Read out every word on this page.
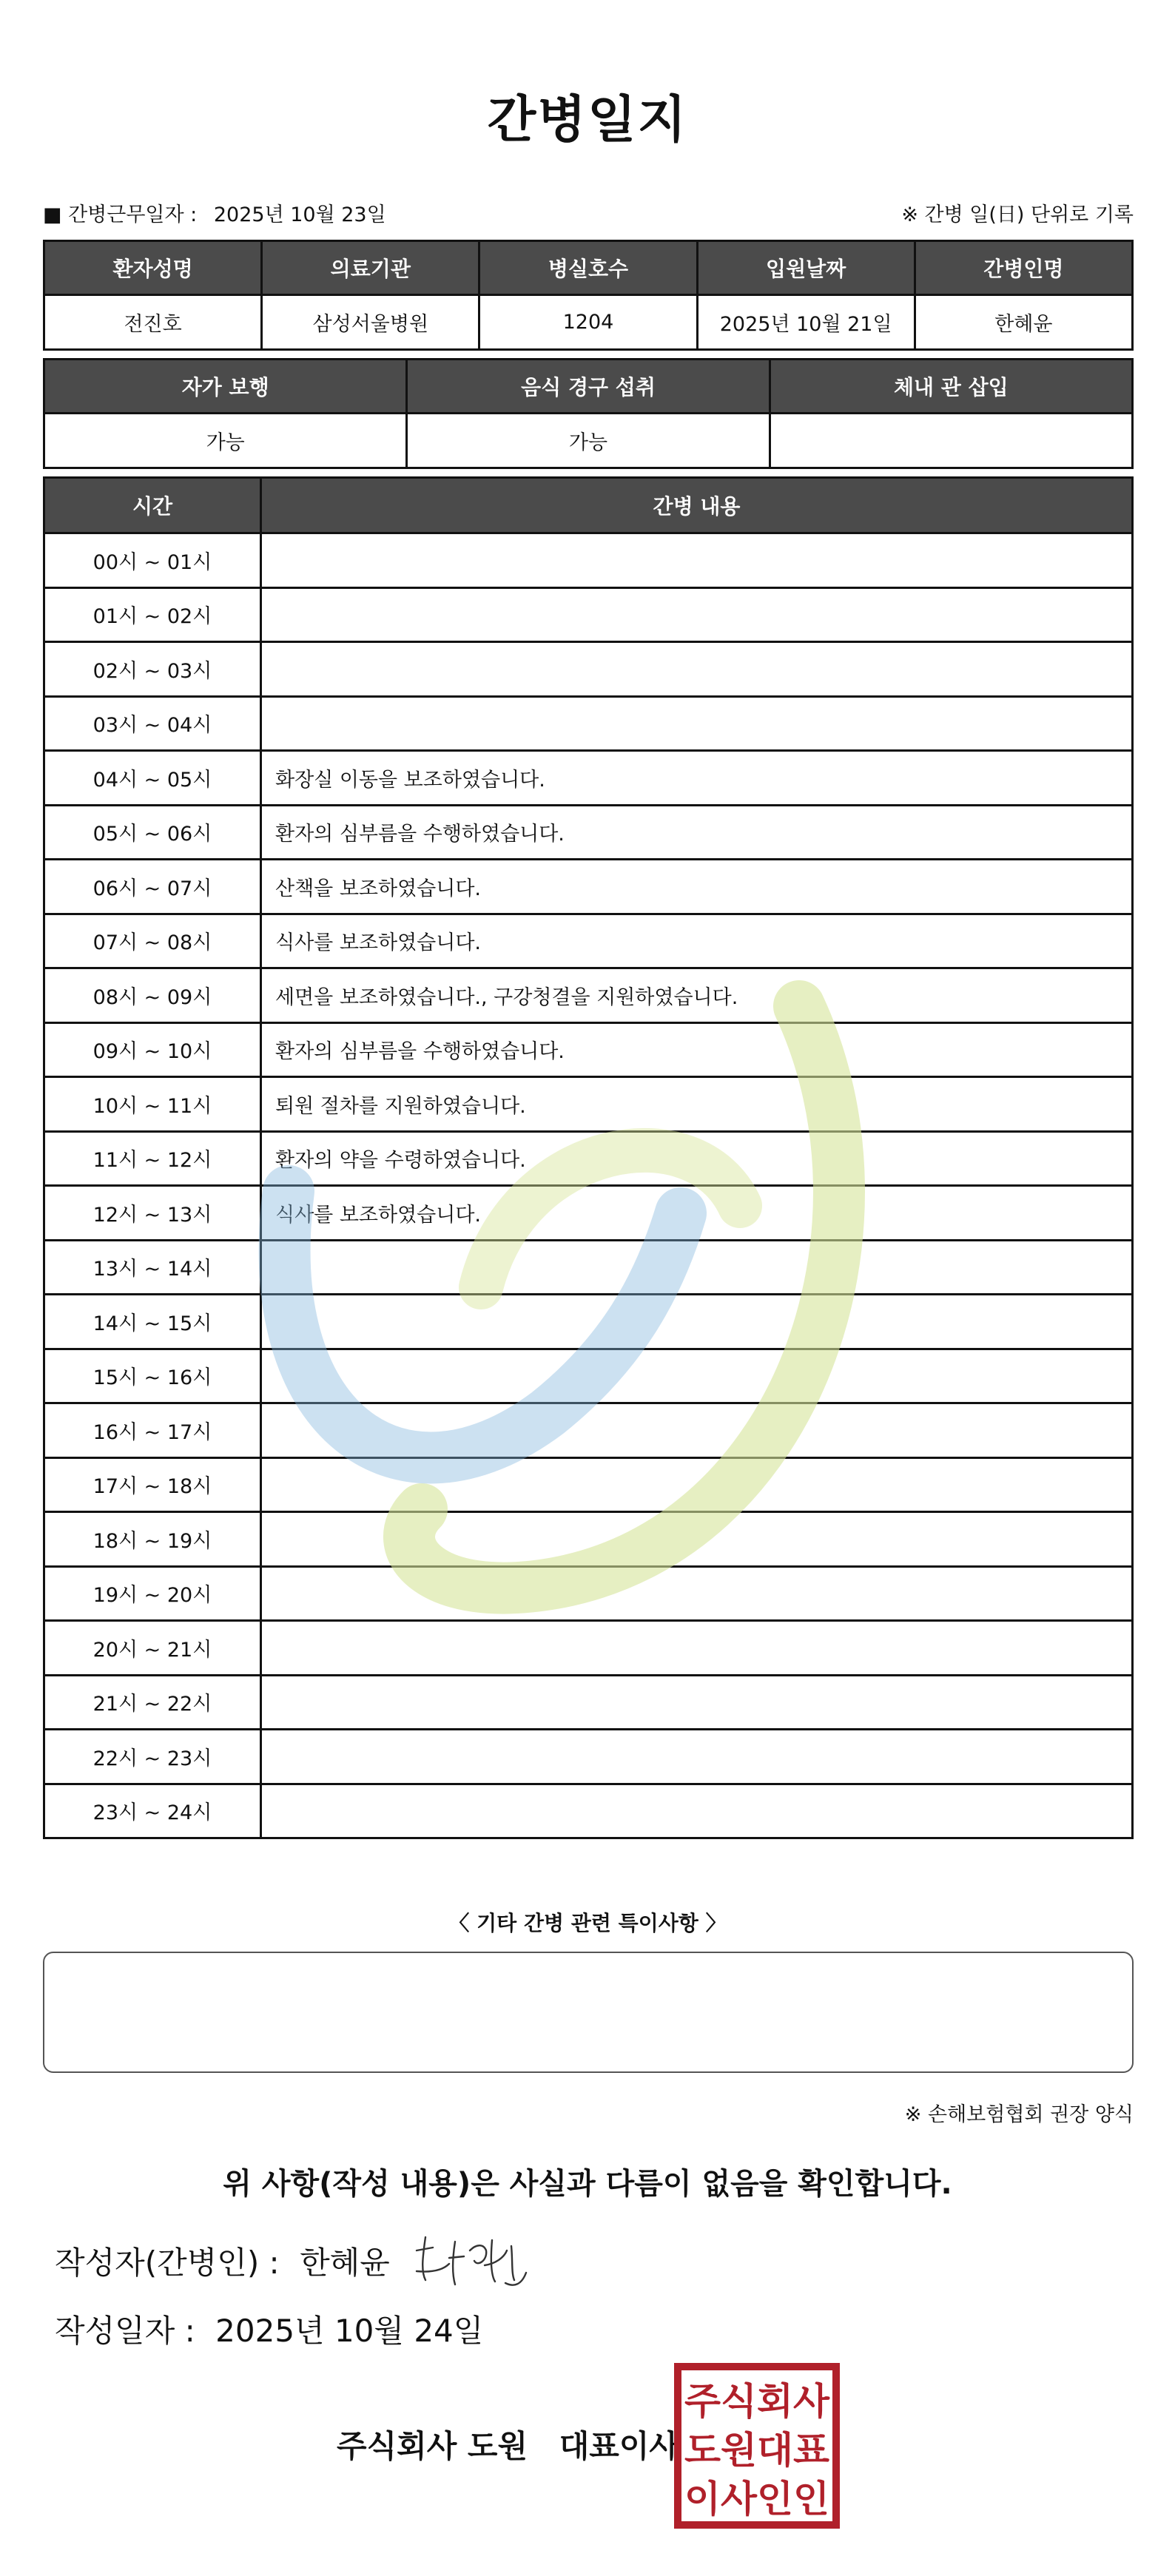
간병일지
■ 간병근무일자 : 2025년 10월 23일	※ 간병 일(日) 단위로 기록
환자성명	의료기관	병실호수	입원날짜	간병인명
전진호	삼성서울병원	1204	2025년 10월 21일	한혜윤
자가 보행	음식 경구 섭취	체내 관 삽입
가능	가능	
시간	간병 내용
00시 ~ 01시	
01시 ~ 02시	
02시 ~ 03시	
03시 ~ 04시	
04시 ~ 05시	화장실 이동을 보조하였습니다.
05시 ~ 06시	환자의 심부름을 수행하였습니다.
06시 ~ 07시	산책을 보조하였습니다.
07시 ~ 08시	식사를 보조하였습니다.
08시 ~ 09시	세면을 보조하였습니다., 구강청결을 지원하였습니다.
09시 ~ 10시	환자의 심부름을 수행하였습니다.
10시 ~ 11시	퇴원 절차를 지원하였습니다.
11시 ~ 12시	환자의 약을 수령하였습니다.
12시 ~ 13시	식사를 보조하였습니다.
13시 ~ 14시	
14시 ~ 15시	
15시 ~ 16시	
16시 ~ 17시	
17시 ~ 18시	
18시 ~ 19시	
19시 ~ 20시	
20시 ~ 21시	
21시 ~ 22시	
22시 ~ 23시	
23시 ~ 24시	
〈 기타 간병 관련 특이사항 〉
※ 손해보험협회 권장 양식
위 사항(작성 내용)은 사실과 다름이 없음을 확인합니다.
작성자(간병인) : 한혜윤
작성일자 : 2025년 10월 24일
주식회사 도원 대표이사
주식회사
도원대표
이사인인
